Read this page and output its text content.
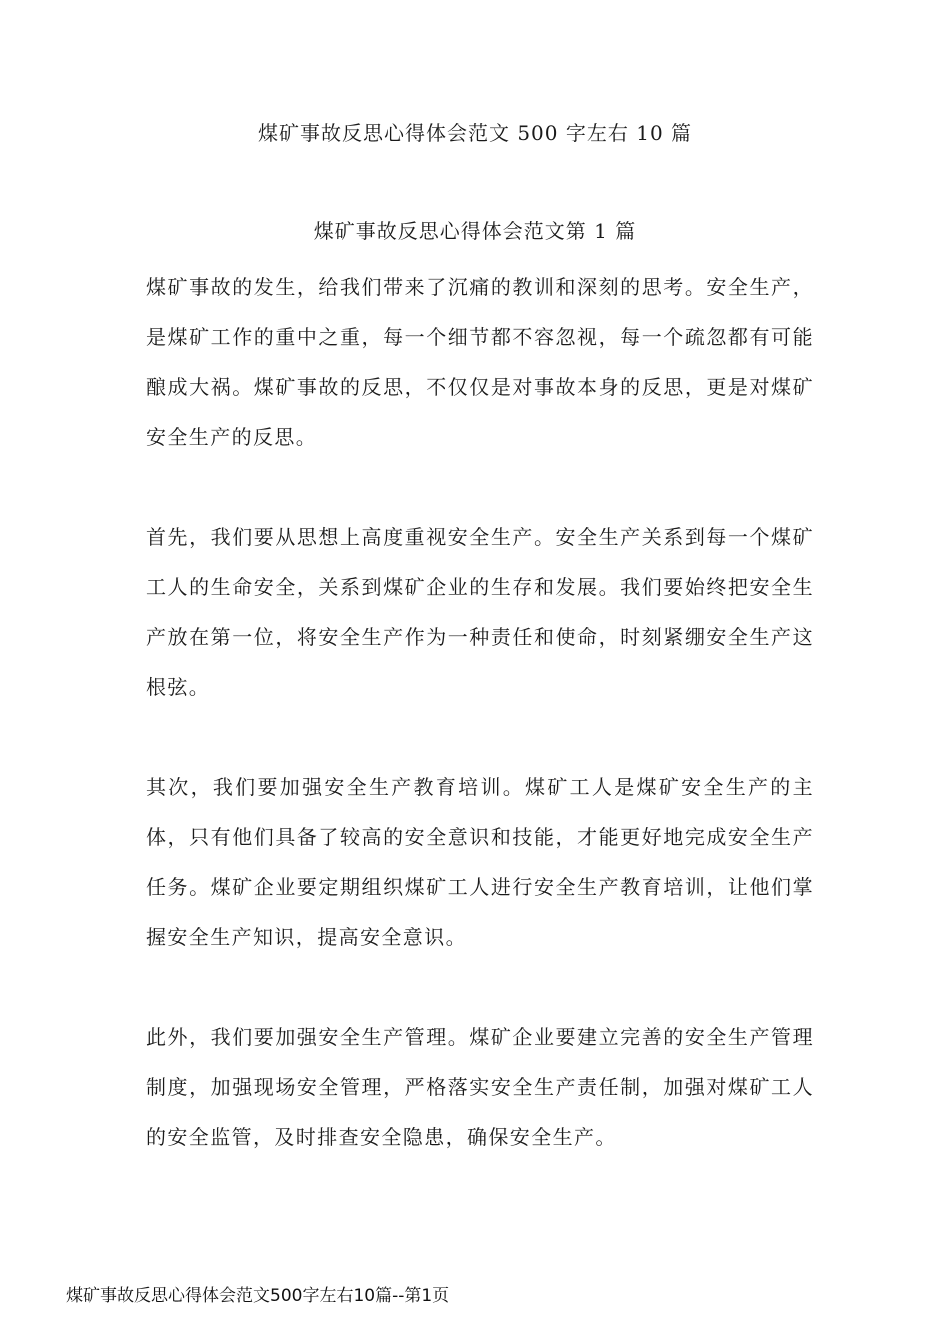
煤矿事故反思心得体会范文 500 字左右 10 篇
煤矿事故反思心得体会范文第 1 篇

煤矿事故的发生，给我们带来了沉痛的教训和深刻的思考。安全生产，是煤矿工作的重中之重，每一个细节都不容忽视，每一个疏忽都有可能酿成大祸。煤矿事故的反思，不仅仅是对事故本身的反思，更是对煤矿安全生产的反思。

首先，我们要从思想上高度重视安全生产。安全生产关系到每一个煤矿工人的生命安全，关系到煤矿企业的生存和发展。我们要始终把安全生产放在第一位，将安全生产作为一种责任和使命，时刻紧绷安全生产这根弦。

其次，我们要加强安全生产教育培训。煤矿工人是煤矿安全生产的主体，只有他们具备了较高的安全意识和技能，才能更好地完成安全生产任务。煤矿企业要定期组织煤矿工人进行安全生产教育培训，让他们掌握安全生产知识，提高安全意识。

此外，我们要加强安全生产管理。煤矿企业要建立完善的安全生产管理制度，加强现场安全管理，严格落实安全生产责任制，加强对煤矿工人的安全监管，及时排查安全隐患，确保安全生产。

煤矿事故反思心得体会范文500字左右10篇--第1页
